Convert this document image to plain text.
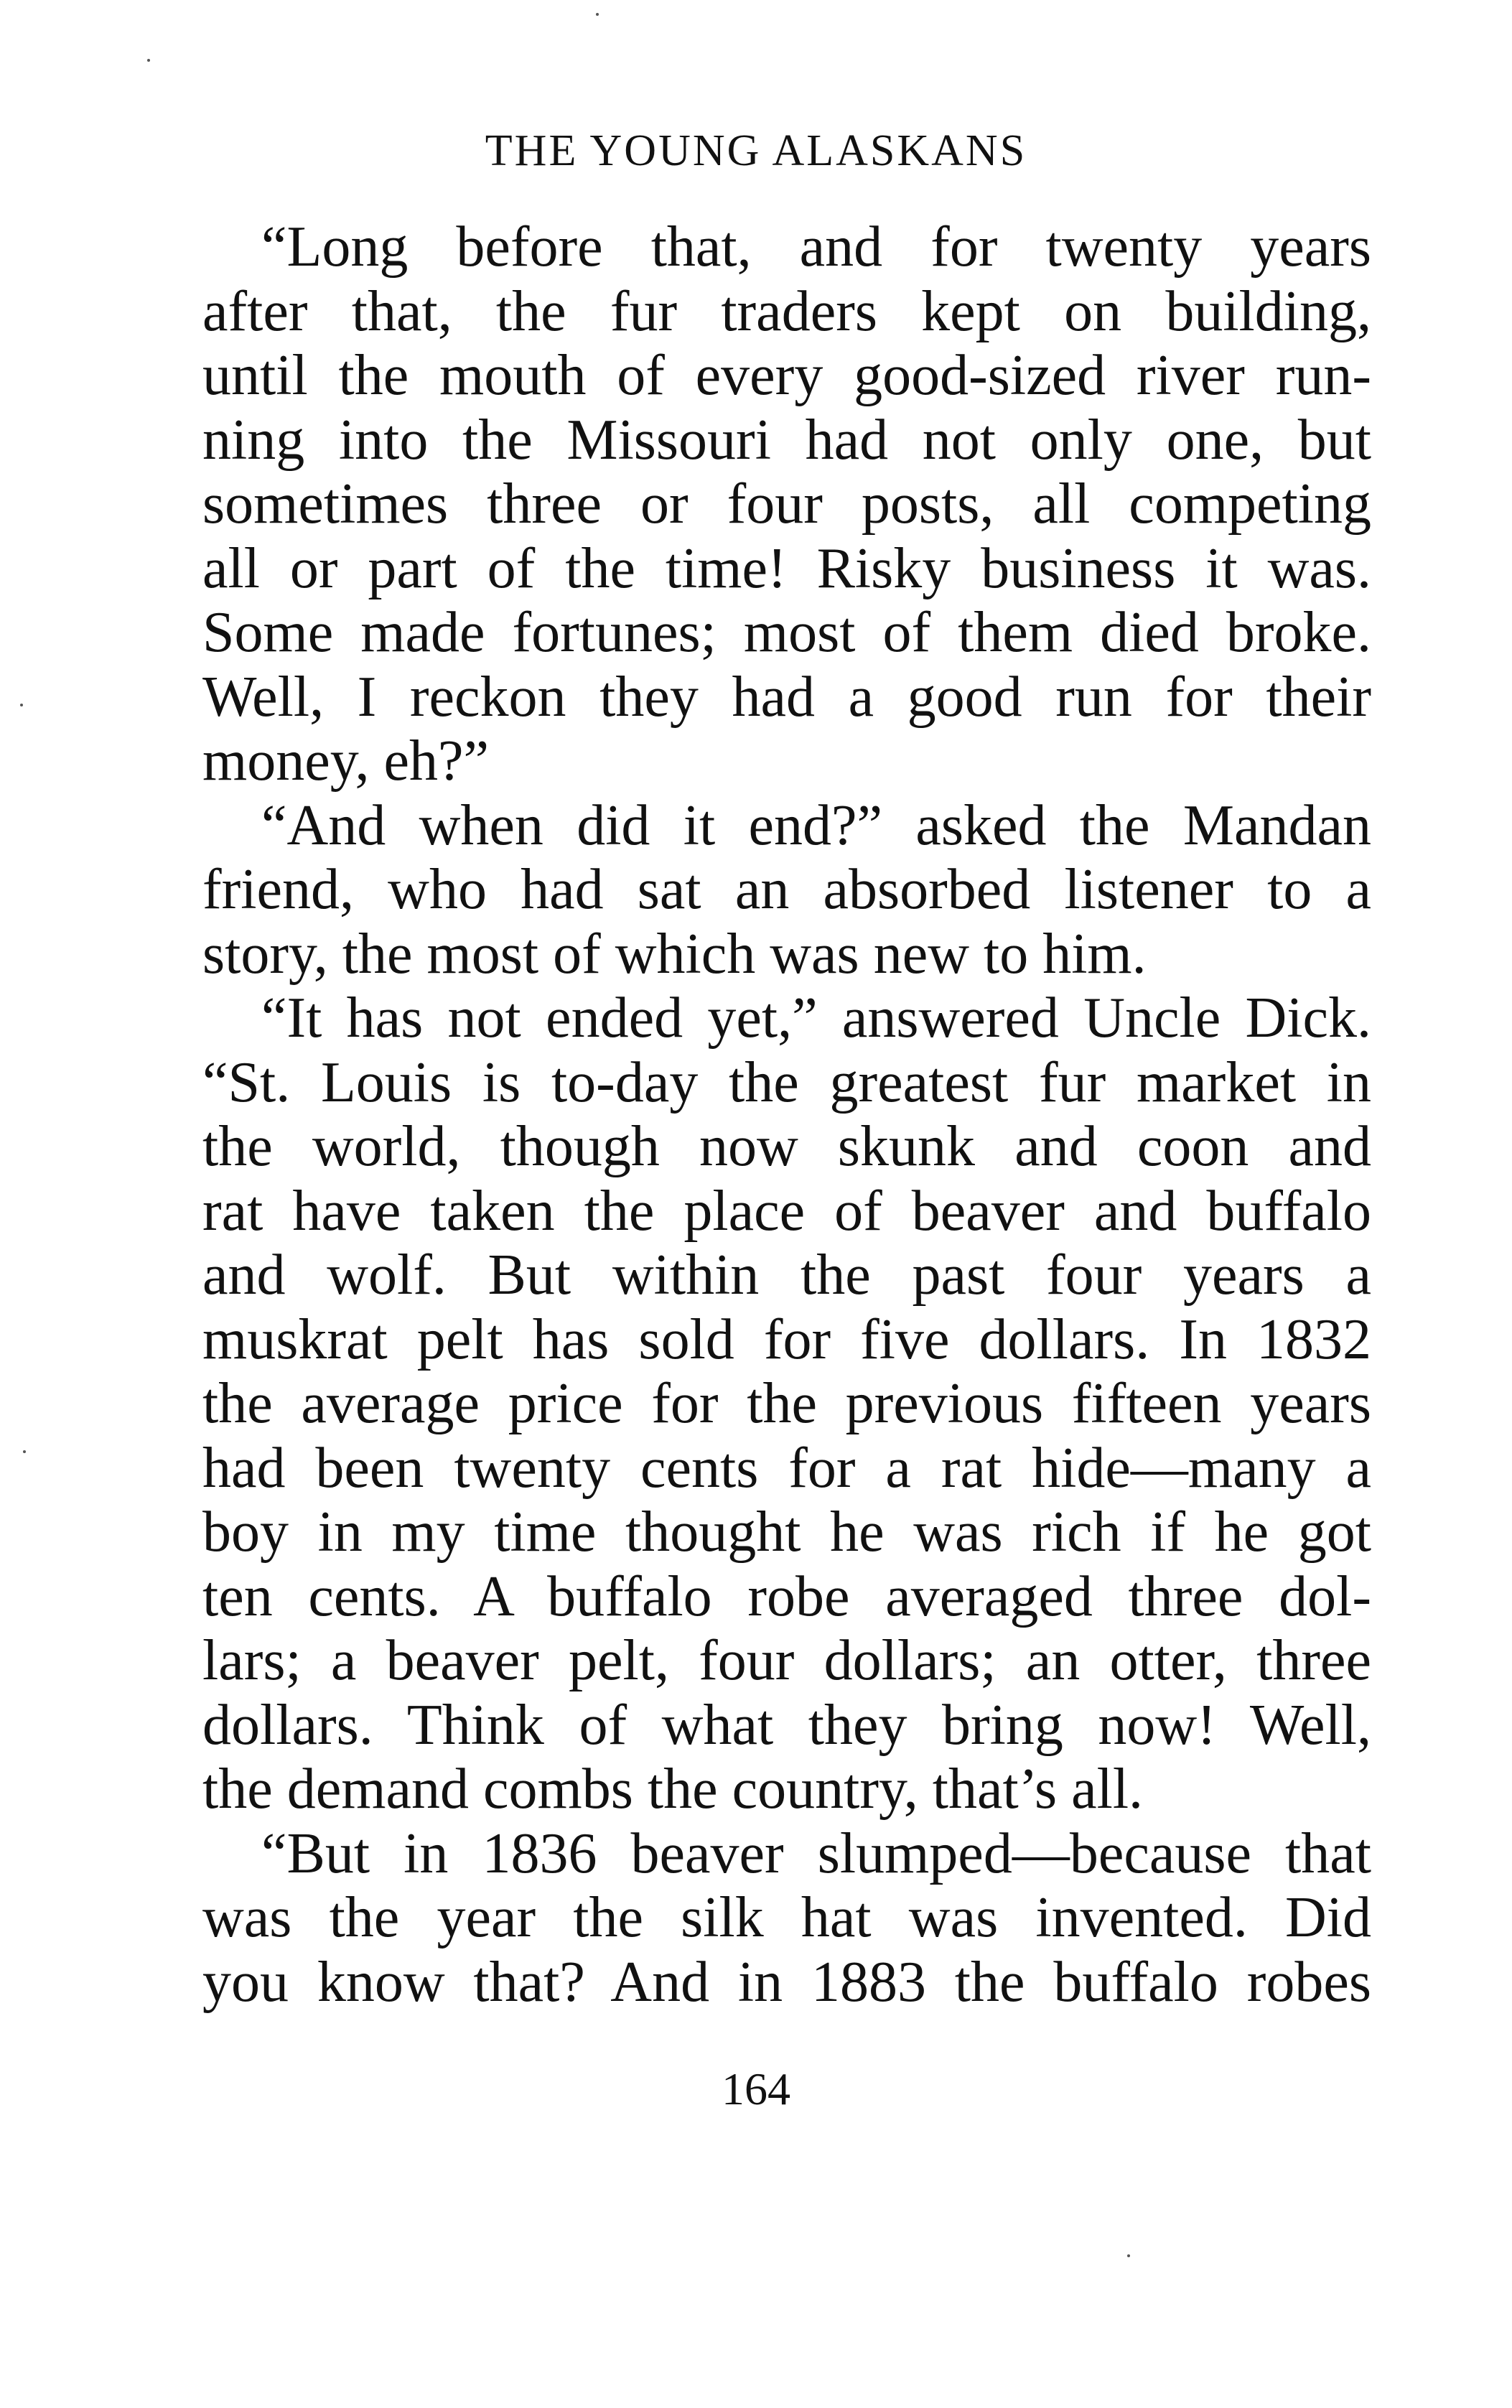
THE YOUNG ALASKANS
“Long before that, and for twenty years
after that, the fur traders kept on building,
until the mouth of every good-sized river run-
ning into the Missouri had not only one, but
sometimes three or four posts, all competing
all or part of the time! Risky business it was.
Some made fortunes; most of them died broke.
Well, I reckon they had a good run for their
money, eh?”
“And when did it end?” asked the Mandan
friend, who had sat an absorbed listener to a
story, the most of which was new to him.
“It has not ended yet,” answered Uncle Dick.
“St. Louis is to-day the greatest fur market in
the world, though now skunk and coon and
rat have taken the place of beaver and buffalo
and wolf. But within the past four years a
muskrat pelt has sold for five dollars. In 1832
the average price for the previous fifteen years
had been twenty cents for a rat hide—many a
boy in my time thought he was rich if he got
ten cents. A buffalo robe averaged three dol-
lars; a beaver pelt, four dollars; an otter, three
dollars. Think of what they bring now! Well,
the demand combs the country, that’s all.
“But in 1836 beaver slumped—because that
was the year the silk hat was invented. Did
you know that? And in 1883 the buffalo robes
164
